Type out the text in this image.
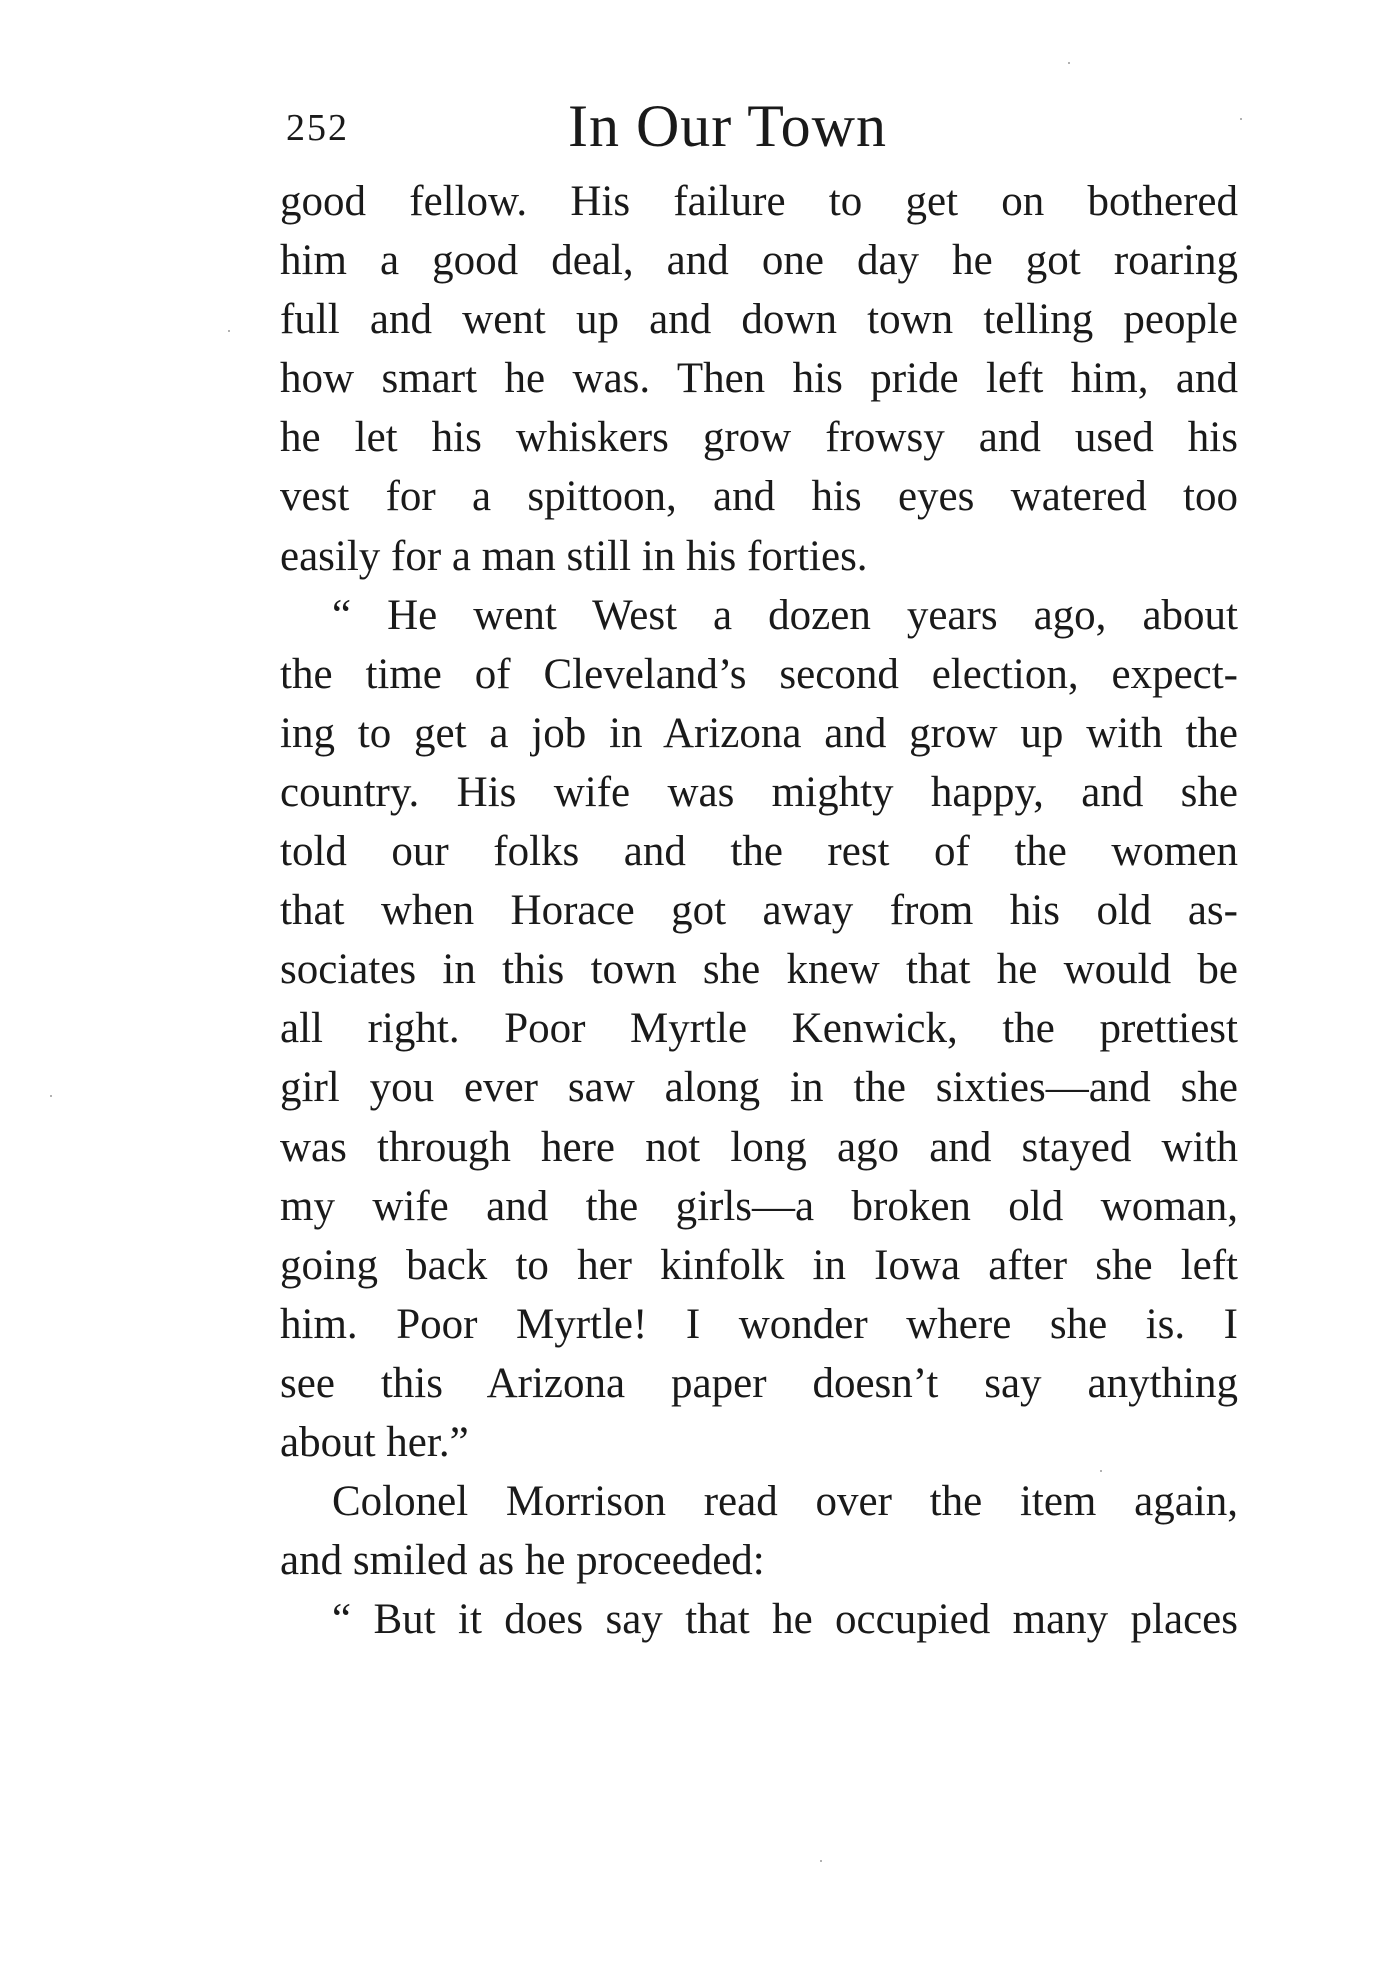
252	In Our Town
good fellow. His failure to get on bothered
him a good deal, and one day he got roaring
full and went up and down town telling people
how smart he was. Then his pride left him, and
he let his whiskers grow frowsy and used his
vest for a spittoon, and his eyes watered too
easily for a man still in his forties.
“ He went West a dozen years ago, about
the time of Cleveland’s second election, expect-
ing to get a job in Arizona and grow up with the
country. His wife was mighty happy, and she
told our folks and the rest of the women
that when Horace got away from his old as-
sociates in this town she knew that he would be
all right. Poor Myrtle Kenwick, the prettiest
girl you ever saw along in the sixties—and she
was through here not long ago and stayed with
my wife and the girls—a broken old woman,
going back to her kinfolk in Iowa after she left
him. Poor Myrtle! I wonder where she is. I
see this Arizona paper doesn’t say anything
about her.”
Colonel Morrison read over the item again,
and smiled as he proceeded:
“ But it does say that he occupied many places
